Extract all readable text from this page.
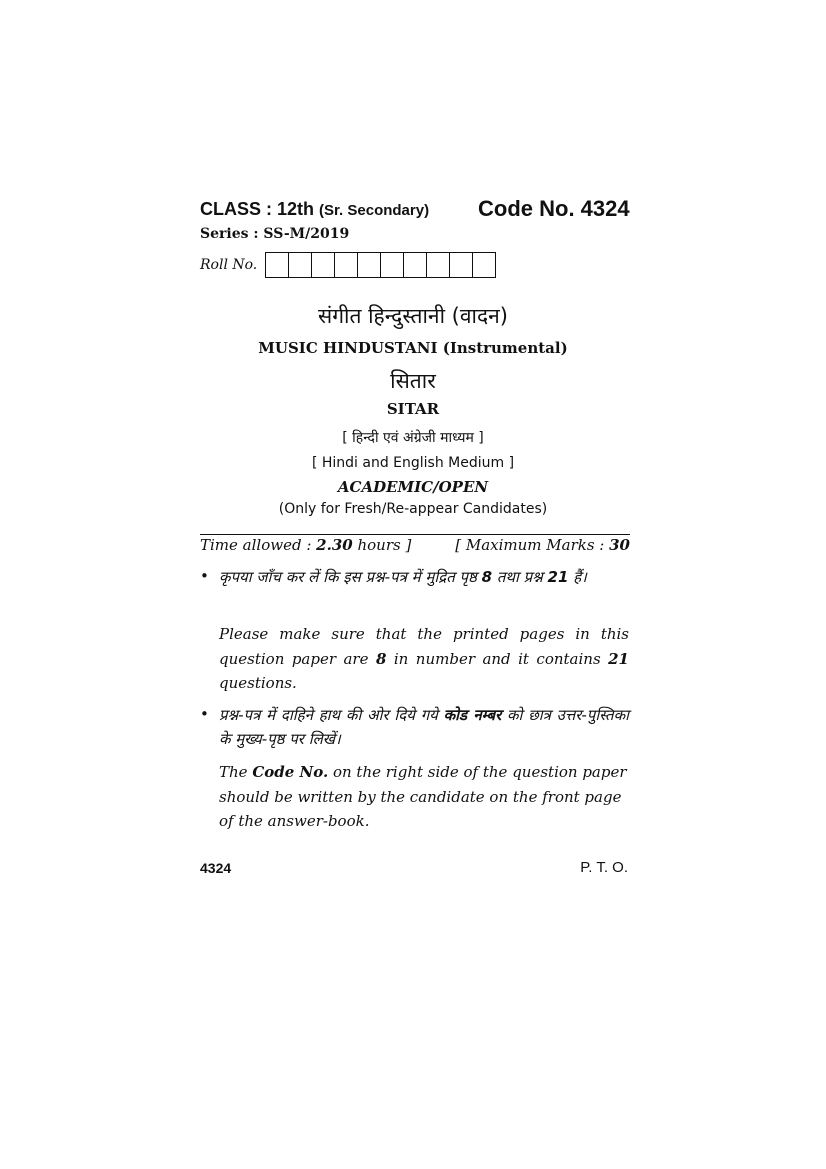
CLASS : 12th (Sr. Secondary) Code No. 4324
Series : SS-M/2019
Roll No.
संगीत हिन्दुस्तानी (वादन)
MUSIC HINDUSTANI (Instrumental)
सितार
SITAR
[ हिन्दी एवं अंग्रेजी माध्यम ]
[ Hindi and English Medium ]
ACADEMIC/OPEN
(Only for Fresh/Re-appear Candidates)
Time allowed : 2.30 hours ]	[ Maximum Marks : 30
• कृपया जाँच कर लें कि इस प्रश्न-पत्र में मुद्रित पृष्ठ 8 तथा प्रश्न 21 हैं।
Please make sure that the printed pages in this question paper are 8 in number and it contains 21 questions.
• प्रश्न-पत्र में दाहिने हाथ की ओर दिये गये कोड नम्बर को छात्र उत्तर-पुस्तिका के मुख्य-पृष्ठ पर लिखें।
The Code No. on the right side of the question paper should be written by the candidate on the front page of the answer-book.
4324	P. T. O.
